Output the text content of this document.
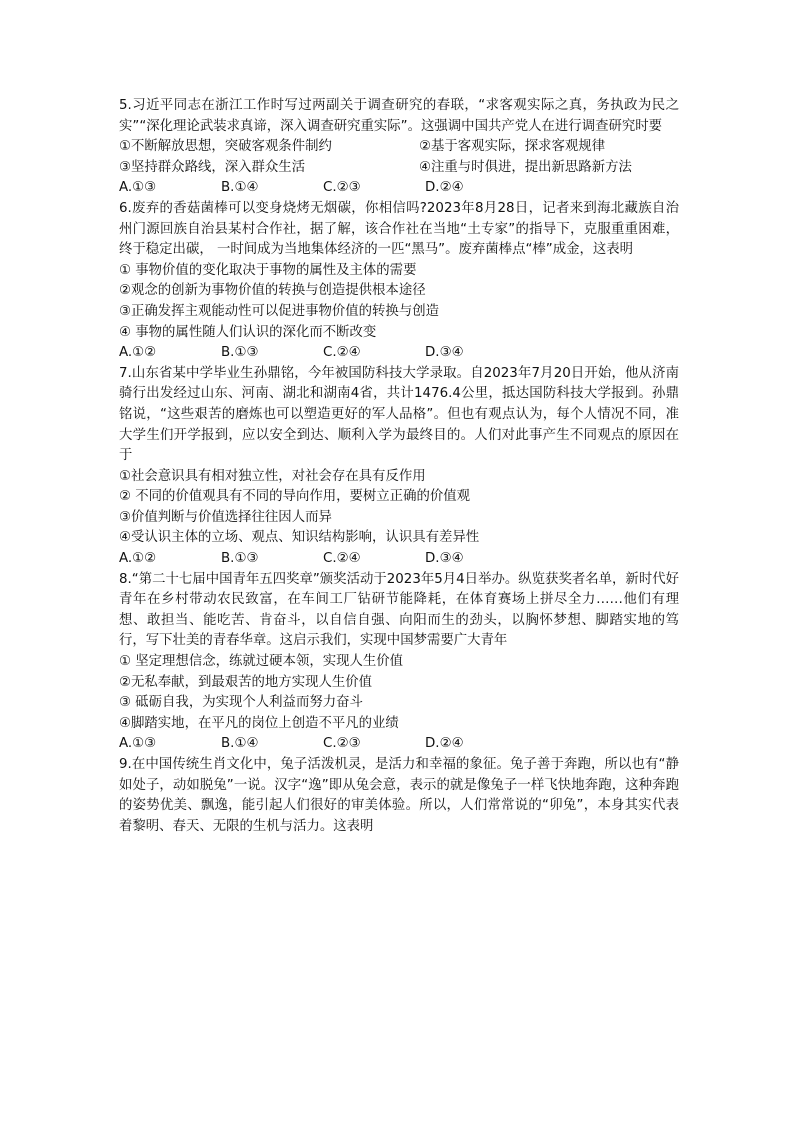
5.习近平同志在浙江工作时写过两副关于调查研究的春联，“求客观实际之真，务执政为民之实”“深化理论武装求真谛，深入调查研究重实际”。这强调中国共产党人在进行调查研究时要

①不断解放思想，突破客观条件制约	②基于客观实际，探求客观规律
③坚持群众路线，深入群众生活	④注重与时俱进，提出新思路新方法
A.①③	B.①④	C.②③	D.②④

6.废弃的香菇菌棒可以变身烧烤无烟碳，你相信吗?2023年8月28日，记者来到海北藏族自治州门源回族自治县某村合作社，据了解，该合作社在当地“土专家”的指导下，克服重重困难，终于稳定出碳， 一时间成为当地集体经济的一匹“黑马”。废弃菌棒点“棒”成金，这表明

① 事物价值的变化取决于事物的属性及主体的需要

②观念的创新为事物价值的转换与创造提供根本途径

③正确发挥主观能动性可以促进事物价值的转换与创造

④ 事物的属性随人们认识的深化而不断改变

A.①②	B.①③	C.②④	D.③④

7.山东省某中学毕业生孙鼎铭，今年被国防科技大学录取。自2023年7月20日开始，他从济南骑行出发经过山东、河南、湖北和湖南4省，共计1476.4公里，抵达国防科技大学报到。孙鼎铭说，“这些艰苦的磨炼也可以塑造更好的军人品格”。但也有观点认为，每个人情况不同，准大学生们开学报到，应以安全到达、顺利入学为最终目的。人们对此事产生不同观点的原因在于

①社会意识具有相对独立性，对社会存在具有反作用

② 不同的价值观具有不同的导向作用，要树立正确的价值观

③价值判断与价值选择往往因人而异

④受认识主体的立场、观点、知识结构影响，认识具有差异性

A.①②	B.①③	C.②④	D.③④

8.“第二十七届中国青年五四奖章”颁奖活动于2023年5月4日举办。纵览获奖者名单，新时代好青年在乡村带动农民致富，在车间工厂钻研节能降耗，在体育赛场上拼尽全力……他们有理想、敢担当、能吃苦、肯奋斗，以自信自强、向阳而生的劲头，以胸怀梦想、脚踏实地的笃行，写下壮美的青春华章。这启示我们，实现中国梦需要广大青年

① 坚定理想信念，练就过硬本领，实现人生价值

②无私奉献，到最艰苦的地方实现人生价值

③ 砥砺自我，为实现个人利益而努力奋斗

④脚踏实地，在平凡的岗位上创造不平凡的业绩

A.①③	B.①④	C.②③	D.②④

9.在中国传统生肖文化中，兔子活泼机灵，是活力和幸福的象征。兔子善于奔跑，所以也有“静如处子，动如脱兔”一说。汉字“逸”即从兔会意，表示的就是像兔子一样飞快地奔跑，这种奔跑的姿势优美、飘逸，能引起人们很好的审美体验。所以，人们常常说的“卯兔”，本身其实代表着黎明、春天、无限的生机与活力。这表明
